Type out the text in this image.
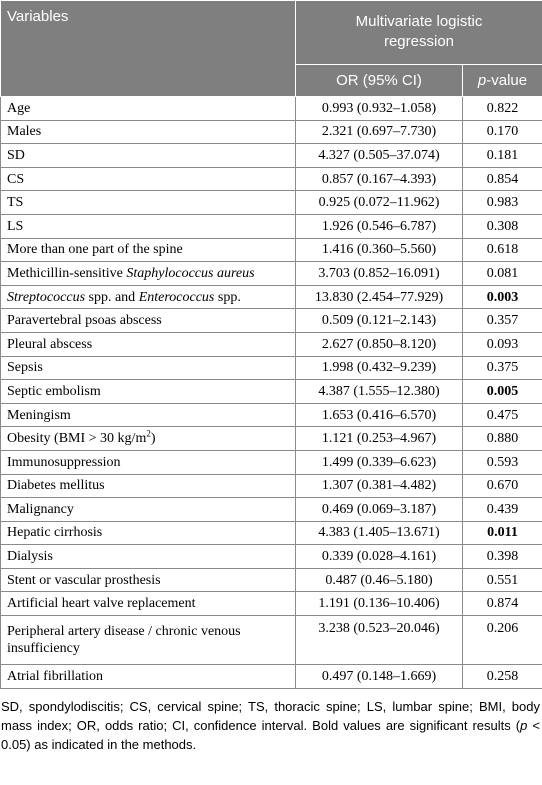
Variables	Multivariate logistic
regression	
	OR (95% CI)	p-value
Age	0.993 (0.932–1.058)	0.822
Males	2.321 (0.697–7.730)	0.170
SD	4.327 (0.505–37.074)	0.181
CS	0.857 (0.167–4.393)	0.854
TS	0.925 (0.072–11.962)	0.983
LS	1.926 (0.546–6.787)	0.308
More than one part of the spine	1.416 (0.360–5.560)	0.618
Methicillin-sensitive Staphylococcus aureus	3.703 (0.852–16.091)	0.081
Streptococcus spp. and Enterococcus spp.	13.830 (2.454–77.929)	0.003
Paravertebral psoas abscess	0.509 (0.121–2.143)	0.357
Pleural abscess	2.627 (0.850–8.120)	0.093
Sepsis	1.998 (0.432–9.239)	0.375
Septic embolism	4.387 (1.555–12.380)	0.005
Meningism	1.653 (0.416–6.570)	0.475
Obesity (BMI > 30 $kg/m^2$)	1.121 (0.253–4.967)	0.880
Immunosuppression	1.499 (0.339–6.623)	0.593
Diabetes mellitus	1.307 (0.381–4.482)	0.670
Malignancy	0.469 (0.069–3.187)	0.439
Hepatic cirrhosis	4.383 (1.405–13.671)	0.011
Dialysis	0.339 (0.028–4.161)	0.398
Stent or vascular prosthesis	0.487 (0.46–5.180)	0.551
Artificial heart valve replacement	1.191 (0.136–10.406)	0.874
Peripheral artery disease / chronic venous insufficiency	3.238 (0.523–20.046)	0.206
Atrial fibrillation	0.497 (0.148–1.669)	0.258
SD, spondylodiscitis; CS, cervical spine; TS, thoracic spine; LS, lumbar spine; BMI, body mass index; OR, odds ratio; CI, confidence interval. Bold values are significant results (p < 0.05) as indicated in the methods.
